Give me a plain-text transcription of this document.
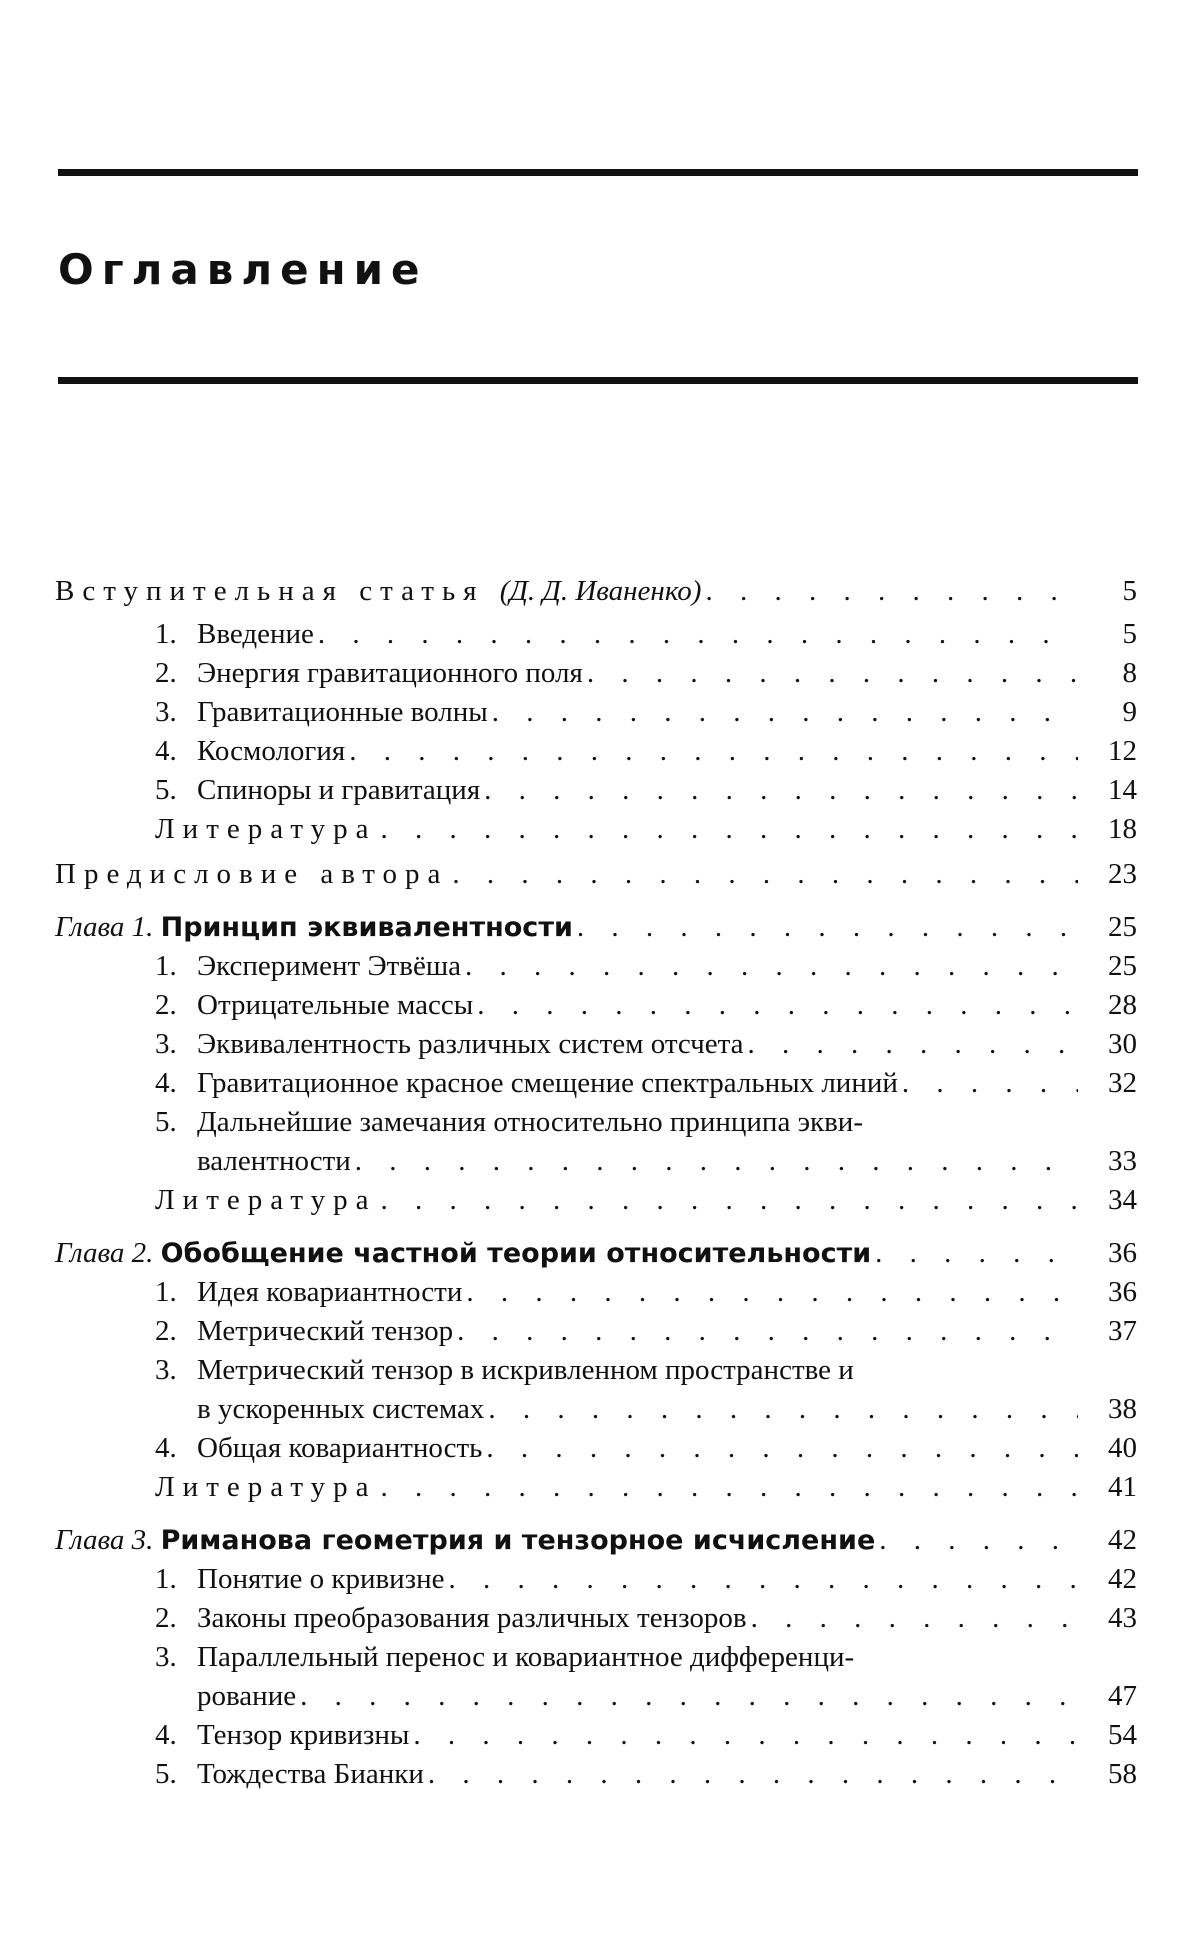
Оглавление
Вступительная статья (Д. Д. Иваненко) . . .	5
1. Введение . . .	5
2. Энергия гравитационного поля . . .	8
3. Гравитационные волны . . .	9
4. Космология . . .	12
5. Спиноры и гравитация . . .	14
Литература . . .	18
Предисловие автора . . .	23
Глава 1. Принцип эквивалентности . . .	25
1. Эксперимент Этвёша . . .	25
2. Отрицательные массы . . .	28
3. Эквивалентность различных систем отсчета . . .	30
4. Гравитационное красное смещение спектральных линий . . .	32
5. Дальнейшие замечания относительно принципа экви-
валентности . . .	33
Литература . . .	34
Глава 2. Обобщение частной теории относительности . . .	36
1. Идея ковариантности . . .	36
2. Метрический тензор . . .	37
3. Метрический тензор в искривленном пространстве и
в ускоренных системах . . .	38
4. Общая ковариантность . . .	40
Литература . . .	41
Глава 3. Риманова геометрия и тензорное исчисление . . .	42
1. Понятие о кривизне . . .	42
2. Законы преобразования различных тензоров . . .	43
3. Параллельный перенос и ковариантное дифференци-
рование . . .	47
4. Тензор кривизны . . .	54
5. Тождества Бианки . . .	58
